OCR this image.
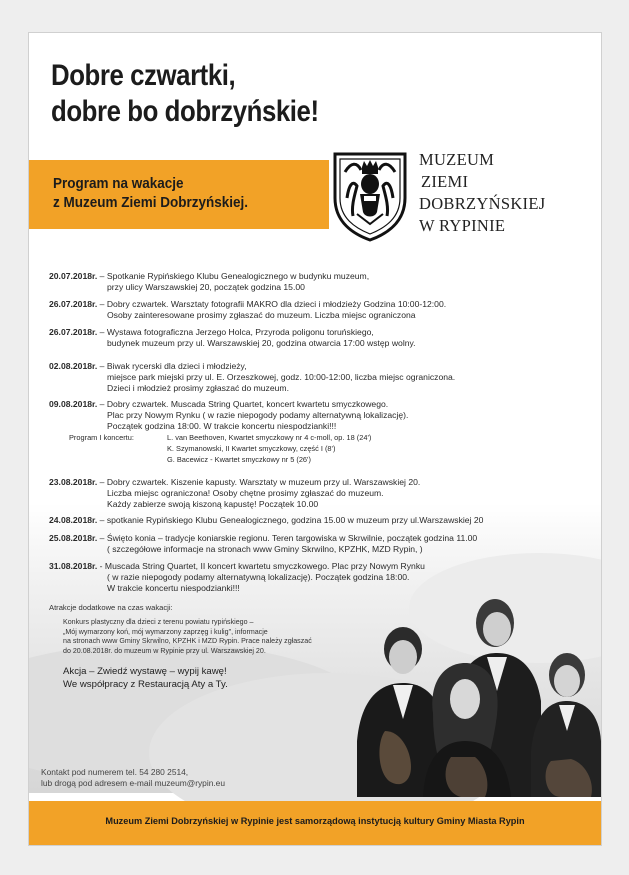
Dobre czwartki,
dobre bo dobrzyńskie!
Program na wakacje
z Muzeum Ziemi Dobrzyńskiej.
MUZEUM
ZIEMI
DOBRZYŃSKIEJ
W RYPINIE
20.07.2018r. – Spotkanie Rypińskiego Klubu Genealogicznego w budynku muzeum,
przy ulicy Warszawskiej 20, początek godzina 15.00
26.07.2018r. – Dobry czwartek. Warsztaty fotografii MAKRO dla dzieci i młodzieży Godzina 10:00-12:00.
Osoby zainteresowane prosimy zgłaszać do muzeum. Liczba miejsc ograniczona
26.07.2018r. – Wystawa fotograficzna Jerzego Holca, Przyroda poligonu toruńskiego,
budynek muzeum przy ul. Warszawskiej 20, godzina otwarcia 17:00 wstęp wolny.
02.08.2018r. – Biwak rycerski dla dzieci i młodzieży,
miejsce park miejski przy ul. E. Orzeszkowej, godz. 10:00-12:00, liczba miejsc ograniczona.
Dzieci i młodzież prosimy zgłaszać do muzeum.
09.08.2018r. – Dobry czwartek. Muscada String Quartet, koncert kwartetu smyczkowego.
Plac przy Nowym Rynku ( w razie niepogody podamy alternatywną lokalizację).
Początek godzina 18:00. W trakcie koncertu niespodzianki!!!
Program I koncertu:	L. van Beethoven, Kwartet smyczkowy nr 4 c-moll, op. 18 (24')
K. Szymanowski, II Kwartet smyczkowy, część I (8')
G. Bacewicz - Kwartet smyczkowy nr 5 (26')
23.08.2018r. – Dobry czwartek. Kiszenie kapusty. Warsztaty w muzeum przy ul. Warszawskiej 20.
Liczba miejsc ograniczona! Osoby chętne prosimy zgłaszać do muzeum.
Każdy zabierze swoją kiszoną kapustę! Początek 10.00
24.08.2018r. – spotkanie Rypińskiego Klubu Genealogicznego, godzina 15.00 w muzeum przy ul.Warszawskiej 20
25.08.2018r. – Święto konia – tradycje koniarskie regionu. Teren targowiska w Skrwilnie, początek godzina 11.00
( szczegółowe informacje na stronach www Gminy Skrwilno, KPZHK, MZD Rypin, )
31.08.2018r. - Muscada String Quartet, II koncert kwartetu smyczkowego. Plac przy Nowym Rynku
( w razie niepogody podamy alternatywną lokalizację). Początek godzina 18:00.
W trakcie koncertu niespodzianki!!!
Atrakcje dodatkowe na czas wakacji:
Konkurs plastyczny dla dzieci z terenu powiatu rypińskiego –
„Mój wymarzony koń, mój wymarzony zaprzęg i kulig", informacje
na stronach www Gminy Skrwilno, KPZHK i MZD Rypin. Prace należy zgłaszać
do 20.08.2018r. do muzeum w Rypinie przy ul. Warszawskiej 20.
Akcja – Zwiedź wystawę – wypij kawę!
We współpracy z Restauracją Aty a Ty.
Kontakt pod numerem tel. 54 280 2514,
lub drogą pod adresem e-mail muzeum@rypin.eu
Muzeum Ziemi Dobrzyńskiej w Rypinie jest samorządową instytucją kultury Gminy Miasta Rypin
